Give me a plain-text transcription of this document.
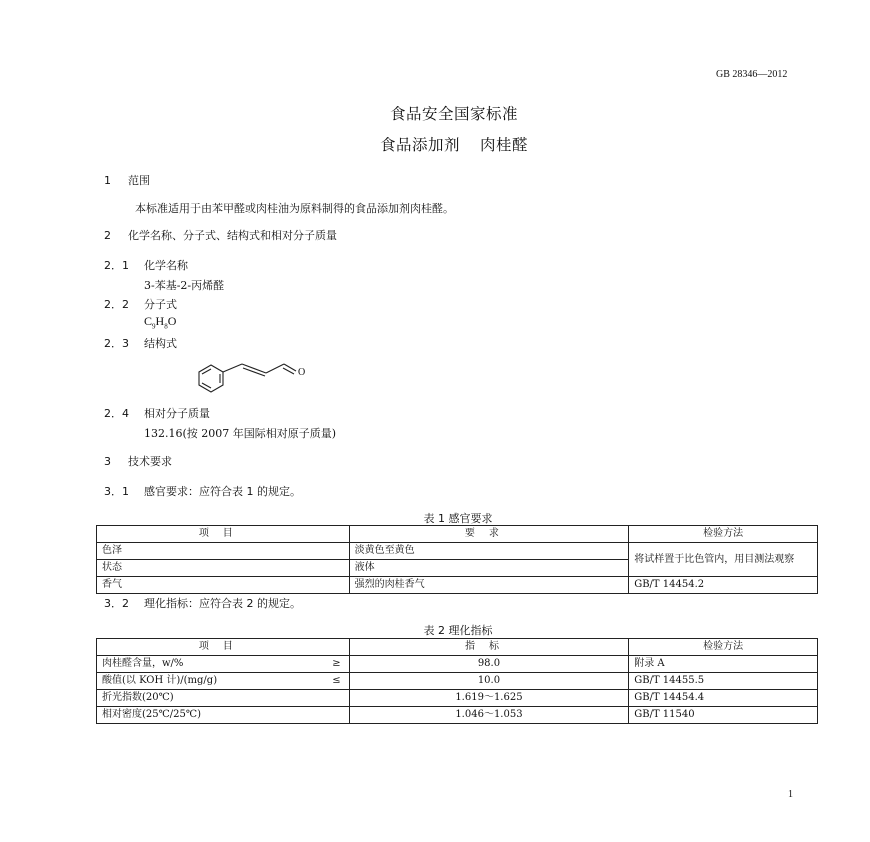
GB 28346—2012
食品安全国家标准
食品添加剂 肉桂醛
1 范围
本标准适用于由苯甲醛或肉桂油为原料制得的食品添加剂肉桂醛。
2 化学名称、分子式、结构式和相对分子质量
2．1 化学名称
3-苯基-2-丙烯醛
2．2 分子式
$C_9H_8O$
2．3 结构式
O
2．4 相对分子质量
132.16(按 2007 年国际相对原子质量)
3 技术要求
3．1 感官要求：应符合表 1 的规定。
表 1 感官要求
项目	要求	检验方法
色泽	淡黄色至黄色	将试样置于比色管内，用目测法观察
状态	液体	
香气	强烈的肉桂香气	GB/T 14454.2
3．2 理化指标：应符合表 2 的规定。
表 2 理化指标
项目	指标	检验方法
肉桂醛含量，w/% ≥	98.0	附录 A
酸值(以 KOH 计)/(mg/g) ≤	10.0	GB/T 14455.5
折光指数(20℃)	1.619～1.625	GB/T 14454.4
相对密度(25℃/25℃)	1.046～1.053	GB/T 11540
1
